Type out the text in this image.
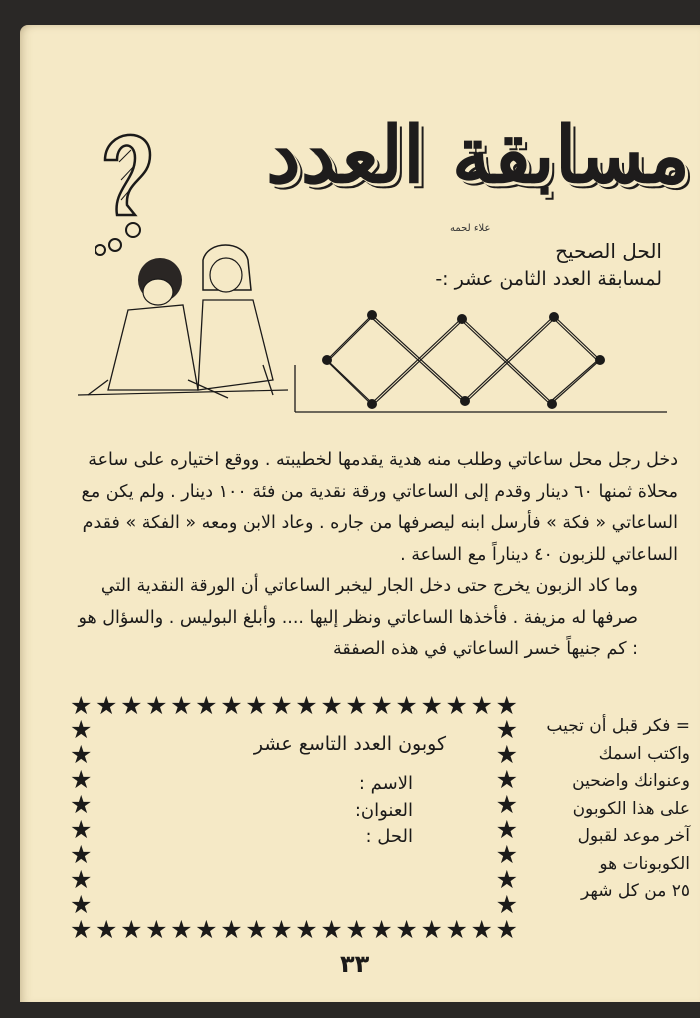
مسابقة العدد
علاء لحمه
الحل الصحيح
لمسابقة العدد الثامن عشر :-

دخل رجل محل ساعاتي وطلب منه هدية يقدمها لخطيبته . ووقع اختياره على ساعة محلاة ثمنها ٦٠ دينار وقدم إلى الساعاتي ورقة نقدية من فئة ١٠٠ دينار . ولم يكن مع الساعاتي « فكة » فأرسل ابنه ليصرفها من جاره . وعاد الابن ومعه « الفكة » فقدم الساعاتي للزبون ٤٠ ديناراً مع الساعة .

وما كاد الزبون يخرج حتى دخل الجار ليخبر الساعاتي أن الورقة النقدية التي صرفها له مزيفة . فأخذها الساعاتي ونظر إليها .... وأبلغ البوليس . والسؤال هو : كم جنيهاً خسر الساعاتي في هذه الصفقة

★ ★ ★ ★ ★ ★ ★ ★ ★ ★ ★ ★ ★ ★ ★ ★ ★ ★
★
★
★
★
★
★
★
★
★
★
★
★
★
★
★
★
★ ★ ★ ★ ★ ★ ★ ★ ★ ★ ★ ★ ★ ★ ★ ★ ★ ★
كوبون العدد التاسع عشر
الاسم :
العنوان:
الحل :
= فكر قبل أن تجيب
واكتب اسمك
وعنوانك واضحين
على هذا الكوبون
آخر موعد لقبول
الكوبونات هو
٢٥ من كل شهر
٣٣
